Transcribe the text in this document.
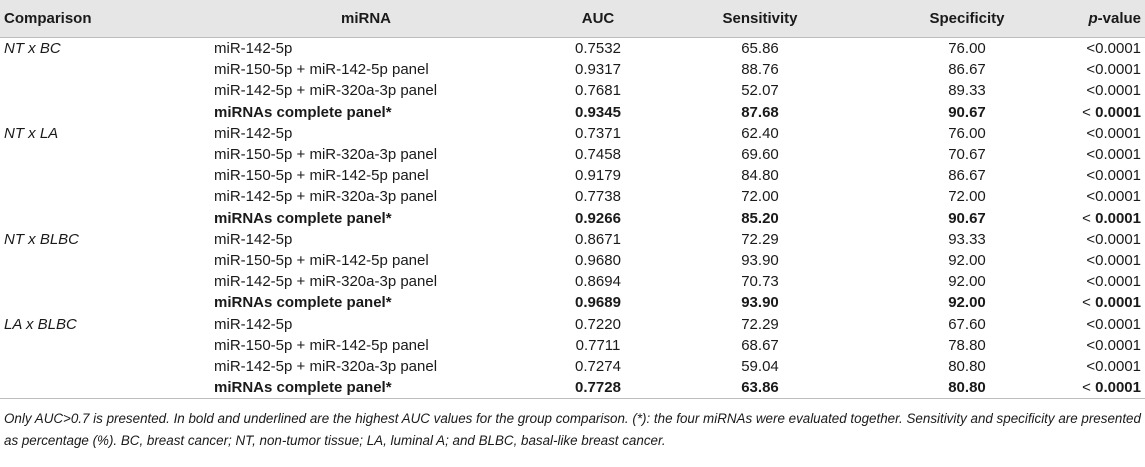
Comparison	miRNA	AUC	Sensitivity	Specificity	p-value
NT x BC	miR-142-5p	0.7532	65.86	76.00	<0.0001
	miR-150-5p + miR-142-5p panel	0.9317	88.76	86.67	<0.0001
	miR-142-5p + miR-320a-3p panel	0.7681	52.07	89.33	<0.0001
	miRNAs complete panel*	0.9345	87.68	90.67	< 0.0001
NT x LA	miR-142-5p	0.7371	62.40	76.00	<0.0001
	miR-150-5p + miR-320a-3p panel	0.7458	69.60	70.67	<0.0001
	miR-150-5p + miR-142-5p panel	0.9179	84.80	86.67	<0.0001
	miR-142-5p + miR-320a-3p panel	0.7738	72.00	72.00	<0.0001
	miRNAs complete panel*	0.9266	85.20	90.67	< 0.0001
NT x BLBC	miR-142-5p	0.8671	72.29	93.33	<0.0001
	miR-150-5p + miR-142-5p panel	0.9680	93.90	92.00	<0.0001
	miR-142-5p + miR-320a-3p panel	0.8694	70.73	92.00	<0.0001
	miRNAs complete panel*	0.9689	93.90	92.00	< 0.0001
LA x BLBC	miR-142-5p	0.7220	72.29	67.60	<0.0001
	miR-150-5p + miR-142-5p panel	0.7711	68.67	78.80	<0.0001
	miR-142-5p + miR-320a-3p panel	0.7274	59.04	80.80	<0.0001
	miRNAs complete panel*	0.7728	63.86	80.80	< 0.0001
Only AUC>0.7 is presented. In bold and underlined are the highest AUC values for the group comparison. (*): the four miRNAs were evaluated together. Sensitivity and specificity are presented as percentage (%). BC, breast cancer; NT, non-tumor tissue; LA, luminal A; and BLBC, basal-like breast cancer.
